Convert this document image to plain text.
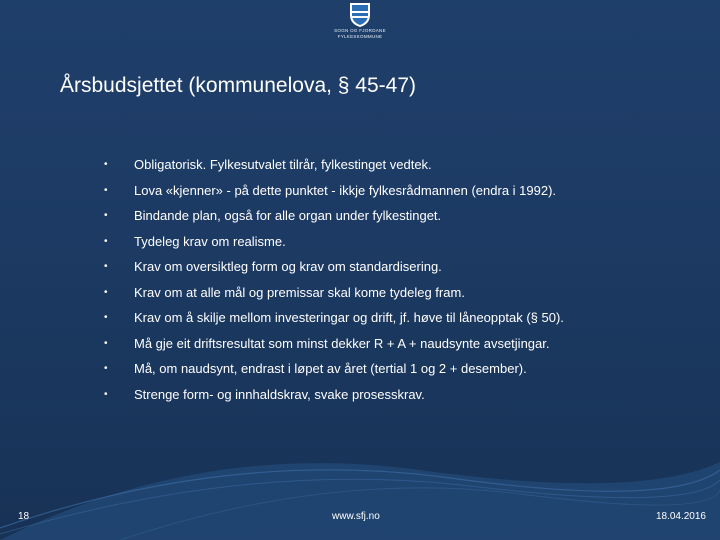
SOGN OG FJORDANE
FYLKESKOMMUNE
Årsbudsjettet (kommunelova, § 45-47)
• Obligatorisk. Fylkesutvalet tilrår, fylkestinget vedtek.
• Lova «kjenner» - på dette punktet - ikkje fylkesrådmannen (endra i 1992).
• Bindande plan, også for alle organ under fylkestinget.
• Tydeleg krav om realisme.
• Krav om oversiktleg form og krav om standardisering.
• Krav om at alle mål og premissar skal kome tydeleg fram.
• Krav om å skilje mellom investeringar og drift, jf. høve til låneopptak (§ 50).
• Må gje eit driftsresultat som minst dekker R + A + naudsynte avsetjingar.
• Må, om naudsynt, endrast i løpet av året (tertial 1 og 2 + desember).
• Strenge form- og innhaldskrav, svake prosesskrav.
18	www.sfj.no	18.04.2016
